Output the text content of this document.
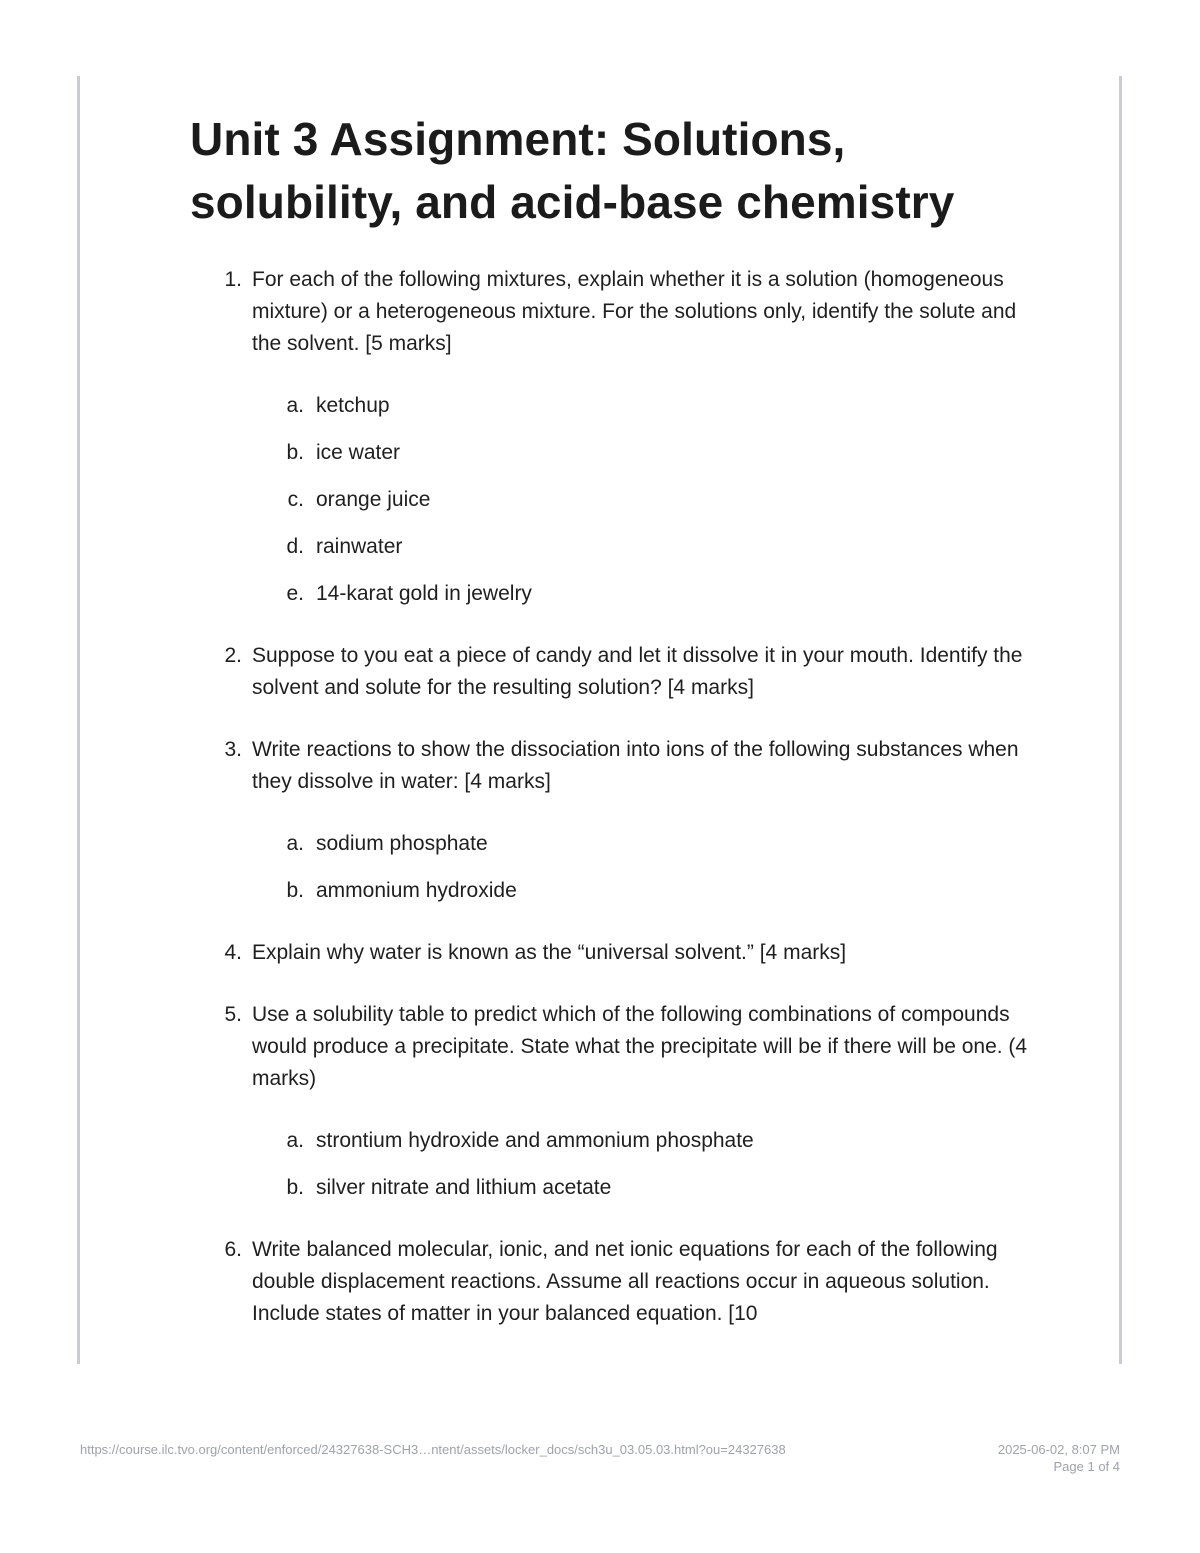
Unit 3 Assignment: Solutions,
solubility, and acid-base chemistry
1. For each of the following mixtures, explain whether it is a solution (homogeneous mixture) or a heterogeneous mixture. For the solutions only, identify the solute and the solvent. [5 marks]
a. ketchup
b. ice water
c. orange juice
d. rainwater
e. 14-karat gold in jewelry
2. Suppose to you eat a piece of candy and let it dissolve it in your mouth. Identify the solvent and solute for the resulting solution? [4 marks]
3. Write reactions to show the dissociation into ions of the following substances when they dissolve in water: [4 marks]
a. sodium phosphate
b. ammonium hydroxide
4. Explain why water is known as the “universal solvent.” [4 marks]
5. Use a solubility table to predict which of the following combinations of compounds would produce a precipitate. State what the precipitate will be if there will be one. (4 marks)
a. strontium hydroxide and ammonium phosphate
b. silver nitrate and lithium acetate
6. Write balanced molecular, ionic, and net ionic equations for each of the following double displacement reactions. Assume all reactions occur in aqueous solution. Include states of matter in your balanced equation. [10
https://course.ilc.tvo.org/content/enforced/24327638-SCH3…ntent/assets/locker_docs/sch3u_03.05.03.html?ou=24327638	2025-06-02, 8:07 PM
Page 1 of 4
